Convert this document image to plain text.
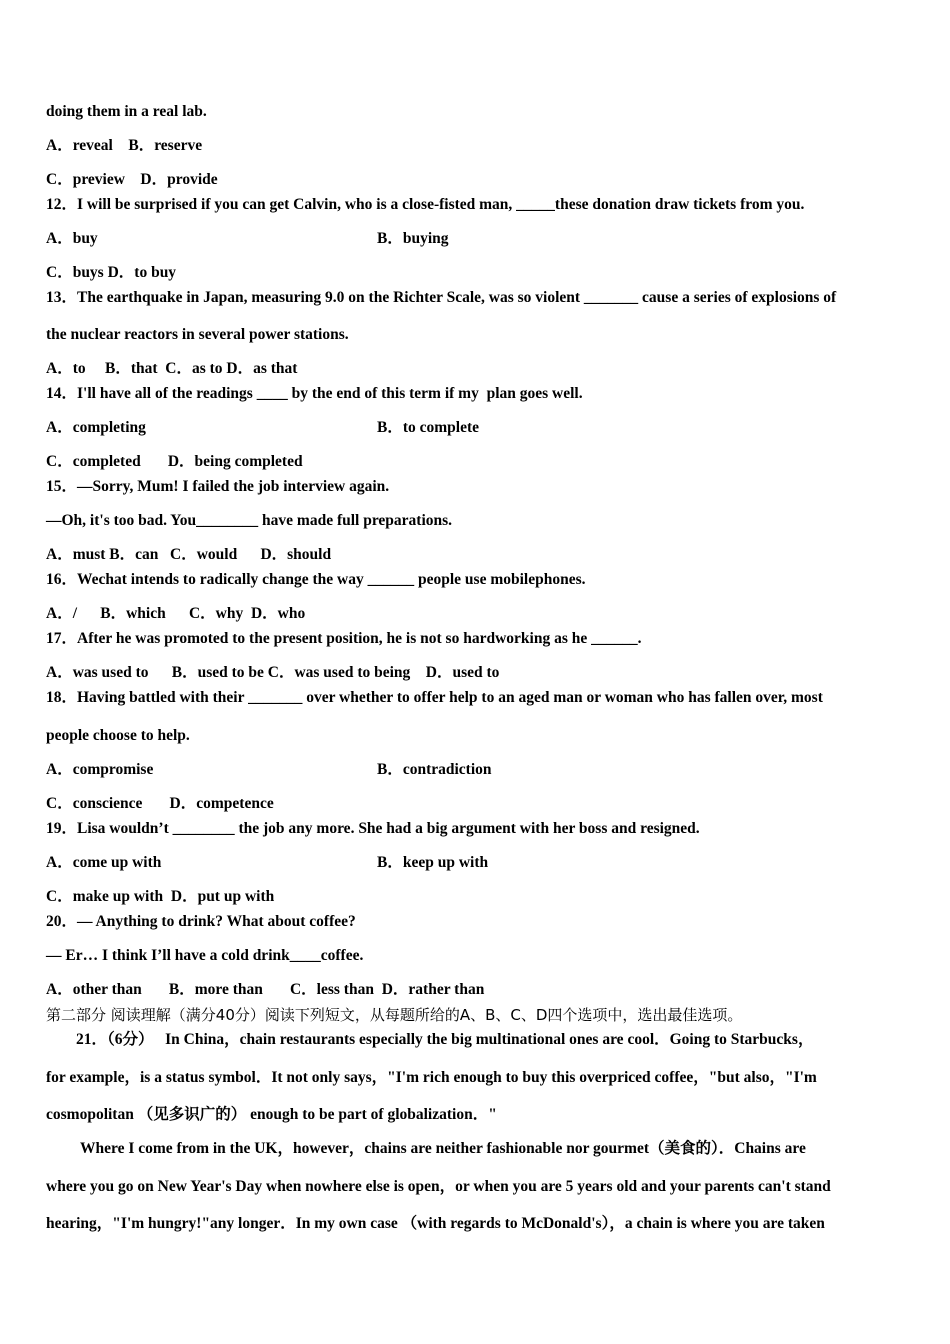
doing them in a real lab.
A．reveal    B．reserve
C．preview    D．provide
12．I will be surprised if you can get Calvin, who is a close-fisted man, _____these donation draw tickets from you.
A．buy	B．buying
C．buys D．to buy
13．The earthquake in Japan, measuring 9.0 on the Richter Scale, was so violent _______ cause a series of explosions of
the nuclear reactors in several power stations.
A．to     B．that  C．as to D．as that
14．I'll have all of the readings ____ by the end of this term if my  plan goes well.
A．completing	B．to complete
C．completed       D．being completed
15．—Sorry, Mum! I failed the job interview again.
—Oh, it's too bad. You________ have made full preparations.
A．must B．can   C．would      D．should
16．Wechat intends to radically change the way ______ people use mobilephones.
A．/      B．which      C．why  D．who
17．After he was promoted to the present position, he is not so hardworking as he ______.
A．was used to      B．used to be C．was used to being    D．used to
18．Having battled with their _______ over whether to offer help to an aged man or woman who has fallen over, most
people choose to help.
A．compromise	B．contradiction
C．conscience       D．competence
19．Lisa wouldn’t ________ the job any more. She had a big argument with her boss and resigned.
A．come up with	B．keep up with
C．make up with  D．put up with
20．— Anything to drink? What about coffee?
— Er… I think I’ll have a cold drink____coffee.
A．other than       B．more than       C．less than  D．rather than
第二部分 阅读理解（满分40分）阅读下列短文，从每题所给的A、B、C、D四个选项中，选出最佳选项。
21．（6分）   In China，chain restaurants especially the big multinational ones are cool．Going to Starbucks，
for example，is a status symbol．It not only says，"I'm rich enough to buy this overpriced coffee，"but also，"I'm
cosmopolitan （见多识广的） enough to be part of globalization．"
Where I come from in the UK，however，chains are neither fashionable nor gourmet（美食的）．Chains are
where you go on New Year's Day when nowhere else is open，or when you are 5 years old and your parents can't stand
hearing，"I'm hungry!"any longer．In my own case （with regards to McDonald's），a chain is where you are taken
